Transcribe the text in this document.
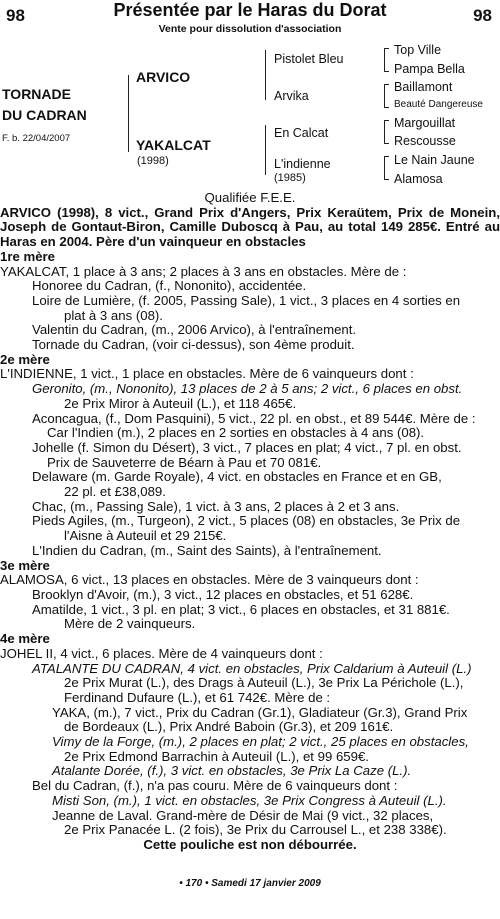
98	98
Présentée par le Haras du Dorat
Vente pour dissolution d'association
TORNADE
DU CADRAN
F. b. 22/04/2007
ARVICO
YAKALCAT
(1998)
Pistolet Bleu
Arvika
En Calcat
L'indienne
(1985)
Top Ville
Pampa Bella
Baillamont
Beauté Dangereuse
Margouillat
Rescousse
Le Nain Jaune
Alamosa

Qualifiée F.E.E.

ARVICO (1998), 8 vict., Grand Prix d'Angers, Prix Keraütem, Prix de Monein, Joseph de Gontaut-Biron, Camille Duboscq à Pau, au total 149 285€. Entré au Haras en 2004. Père d'un vainqueur en obstacles

1re mère

YAKALCAT, 1 place à 3 ans; 2 places à 3 ans en obstacles. Mère de :

Honoree du Cadran, (f., Nononito), accidentée.

Loire de Lumière, (f. 2005, Passing Sale), 1 vict., 3 places en 4 sorties en

plat à 3 ans (08).

Valentin du Cadran, (m., 2006 Arvico), à l'entraînement.

Tornade du Cadran, (voir ci-dessus), son 4ème produit.

2e mère

L'INDIENNE, 1 vict., 1 place en obstacles. Mère de 6 vainqueurs dont :

Geronito, (m., Nononito), 13 places de 2 à 5 ans; 2 vict., 6 places en obst.

2e Prix Miror à Auteuil (L.), et 118 465€.

Aconcagua, (f., Dom Pasquini), 5 vict., 22 pl. en obst., et 89 544€. Mère de :

Car l'Indien (m.), 2 places en 2 sorties en obstacles à 4 ans (08).

Johelle (f. Simon du Désert), 3 vict., 7 places en plat; 4 vict., 7 pl. en obst.

Prix de Sauveterre de Béarn à Pau et 70 081€.

Delaware (m. Garde Royale), 4 vict. en obstacles en France et en GB,

22 pl. et £38,089.

Chac, (m., Passing Sale), 1 vict. à 3 ans, 2 places à 2 et 3 ans.

Pieds Agiles, (m., Turgeon), 2 vict., 5 places (08) en obstacles, 3e Prix de

l'Aisne à Auteuil et 29 215€.

L'Indien du Cadran, (m., Saint des Saints), à l'entraînement.

3e mère

ALAMOSA, 6 vict., 13 places en obstacles. Mère de 3 vainqueurs dont :

Brooklyn d'Avoir, (m.), 3 vict., 12 places en obstacles, et 51 628€.

Amatilde, 1 vict., 3 pl. en plat; 3 vict., 6 places en obstacles, et 31 881€.

Mère de 2 vainqueurs.

4e mère

JOHEL II, 4 vict., 6 places. Mère de 4 vainqueurs dont :

ATALANTE DU CADRAN, 4 vict. en obstacles, Prix Caldarium à Auteuil (L.)

2e Prix Murat (L.), des Drags à Auteuil (L.), 3e Prix La Périchole (L.),

Ferdinand Dufaure (L.), et 61 742€. Mère de :

YAKA, (m.), 7 vict., Prix du Cadran (Gr.1), Gladiateur (Gr.3), Grand Prix

de Bordeaux (L.), Prix André Baboin (Gr.3), et 209 161€.

Vimy de la Forge, (m.), 2 places en plat; 2 vict., 25 places en obstacles,

2e Prix Edmond Barrachin à Auteuil (L.), et 99 659€.

Atalante Dorée, (f.), 3 vict. en obstacles, 3e Prix La Caze (L.).

Bel du Cadran, (f.), n'a pas couru. Mère de 6 vainqueurs dont :

Misti Son, (m.), 1 vict. en obstacles, 3e Prix Congress à Auteuil (L.).

Jeanne de Laval. Grand-mère de Désir de Mai (9 vict., 32 places,

2e Prix Panacée L. (2 fois), 3e Prix du Carrousel L., et 238 338€).

Cette pouliche est non débourrée.

• 170 • Samedi 17 janvier 2009
